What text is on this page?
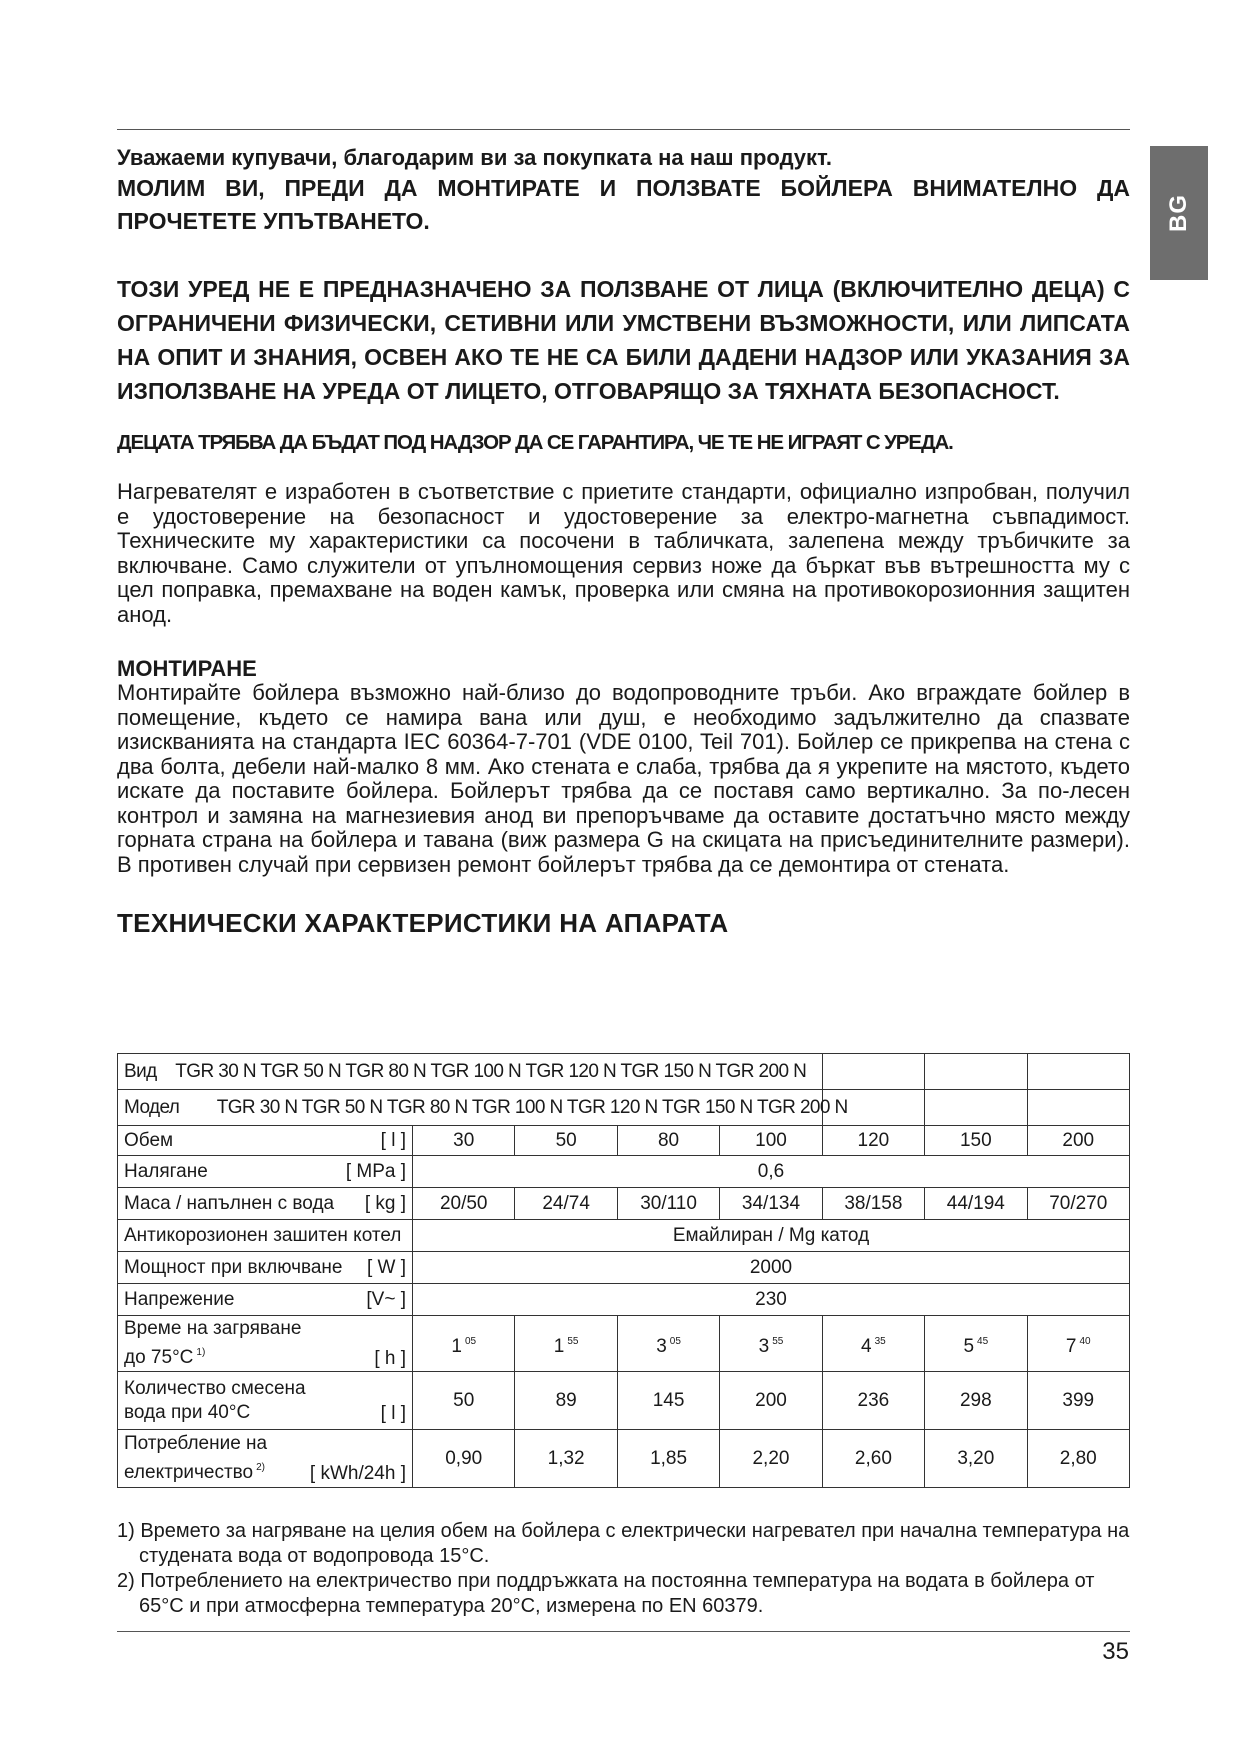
BG

Уважаеми купувачи, благодарим ви за покупката на наш продукт.

МОЛИМ ВИ, ПРЕДИ ДА МОНТИРАТЕ И ПОЛЗВАТЕ БОЙЛЕРА ВНИМАТЕЛНО ДА ПРОЧЕТЕТЕ УПЪТВАНЕТО.

ТОЗИ УРЕД НЕ Е ПРЕДНАЗНАЧЕНО ЗА ПОЛЗВАНЕ ОТ ЛИЦА (ВКЛЮЧИТЕЛНО ДЕЦА) С ОГРАНИЧЕНИ ФИЗИЧЕСКИ, СЕТИВНИ ИЛИ УМСТВЕНИ ВЪЗМОЖНОСТИ, ИЛИ ЛИПСАТА НА ОПИТ И ЗНАНИЯ, ОСВЕН АКО ТЕ НЕ СА БИЛИ ДАДЕНИ НАДЗОР ИЛИ УКАЗАНИЯ ЗА ИЗПОЛЗВАНЕ НА УРЕДА ОТ ЛИЦЕТО, ОТГОВАРЯЩО ЗА ТЯХНАТА БЕЗОПАСНОСТ.

ДЕЦАТА ТРЯБВА ДА БЪДАТ ПОД НАДЗОР ДА СЕ ГАРАНТИРА, ЧЕ ТЕ НЕ ИГРАЯТ С УРЕДА.

Нагревателят е изработен в съответствие с приетите стандарти, официално изпробван, получил е удостоверение на безопасност и удостоверение за електро-магнетна съвпадимост. Техническите му характеристики са посочени в табличката, залепена между тръбичките за включване. Само служители от упълномощения сервиз ноже да бъркат във вътрешността му с цел поправка, премахване на воден камък, проверка или смяна на противокорозионния защитен анод.

МОНТИРАНЕ

Монтирайте бойлера възможно най-близо до водопроводните тръби. Ако вграждате бойлер в помещение, където се намира вана или душ, е необходимо задължително да спазвате изискванията на стандарта IEC 60364-7-701 (VDE 0100, Teil 701). Бойлер се прикрепва на стена с два болта, дебели най-малко 8 мм. Ако стената е слаба, трябва да я укрепите на мястото, където искате да поставите бойлера. Бойлерът трябва да се поставя само вертикално. За по-лесен контрол и замяна на магнезиевия анод ви препоръчваме да оставите достатъчно място между горната страна на бойлера и тавана (виж размера G на скицата на присъединителните размери). В противен случай при сервизен ремонт бойлерът трябва да се демонтира от стената.

ТЕХНИЧЕСКИ ХАРАКТЕРИСТИКИ НА АПАРАТА

Вид TGR 30 N TGR 50 N TGR 80 N TGR 100 N TGR 120 N TGR 150 N TGR 200 N							

Модел TGR 30 N TGR 50 N TGR 80 N TGR 100 N TGR 120 N TGR 150 N TGR 200 N							

Обем [ l ]	30	50	80	100	120	150	200

Налягане [ MPa ]	0,6						

Маса / напълнен с вода [ kg ]	20/50	24/74	30/110	34/134	38/158	44/194	70/270
Антикорозионен зашитен котел	Емайлиран / Mg катод						

Мощност при включване [ W ]	2000						

Напрежение [V~ ]	230						

Време на загряване
до 75°C $^{1)}$ [ h ]	1 $^{05}$	1 $^{55}$	3 $^{05}$	3 $^{55}$	4 $^{35}$	5 $^{45}$	7 $^{40}$

Количество смесена
вода при 40°C [ l ]	50	89	145	200	236	298	399

Потребление на
електричество $^{2)}$ [ kWh/24h ]	0,90	1,32	1,85	2,20	2,60	3,20	2,80

1) Времето за нагряване на целия обем на бойлера с електрически нагревател при начална температура на студената вода от водопровода 15°C.

2) Потреблението на електричество при поддръжката на постоянна температура на водата в бойлера от 65°C и при атмосферна температура 20°C, измерена по EN 60379.

35
